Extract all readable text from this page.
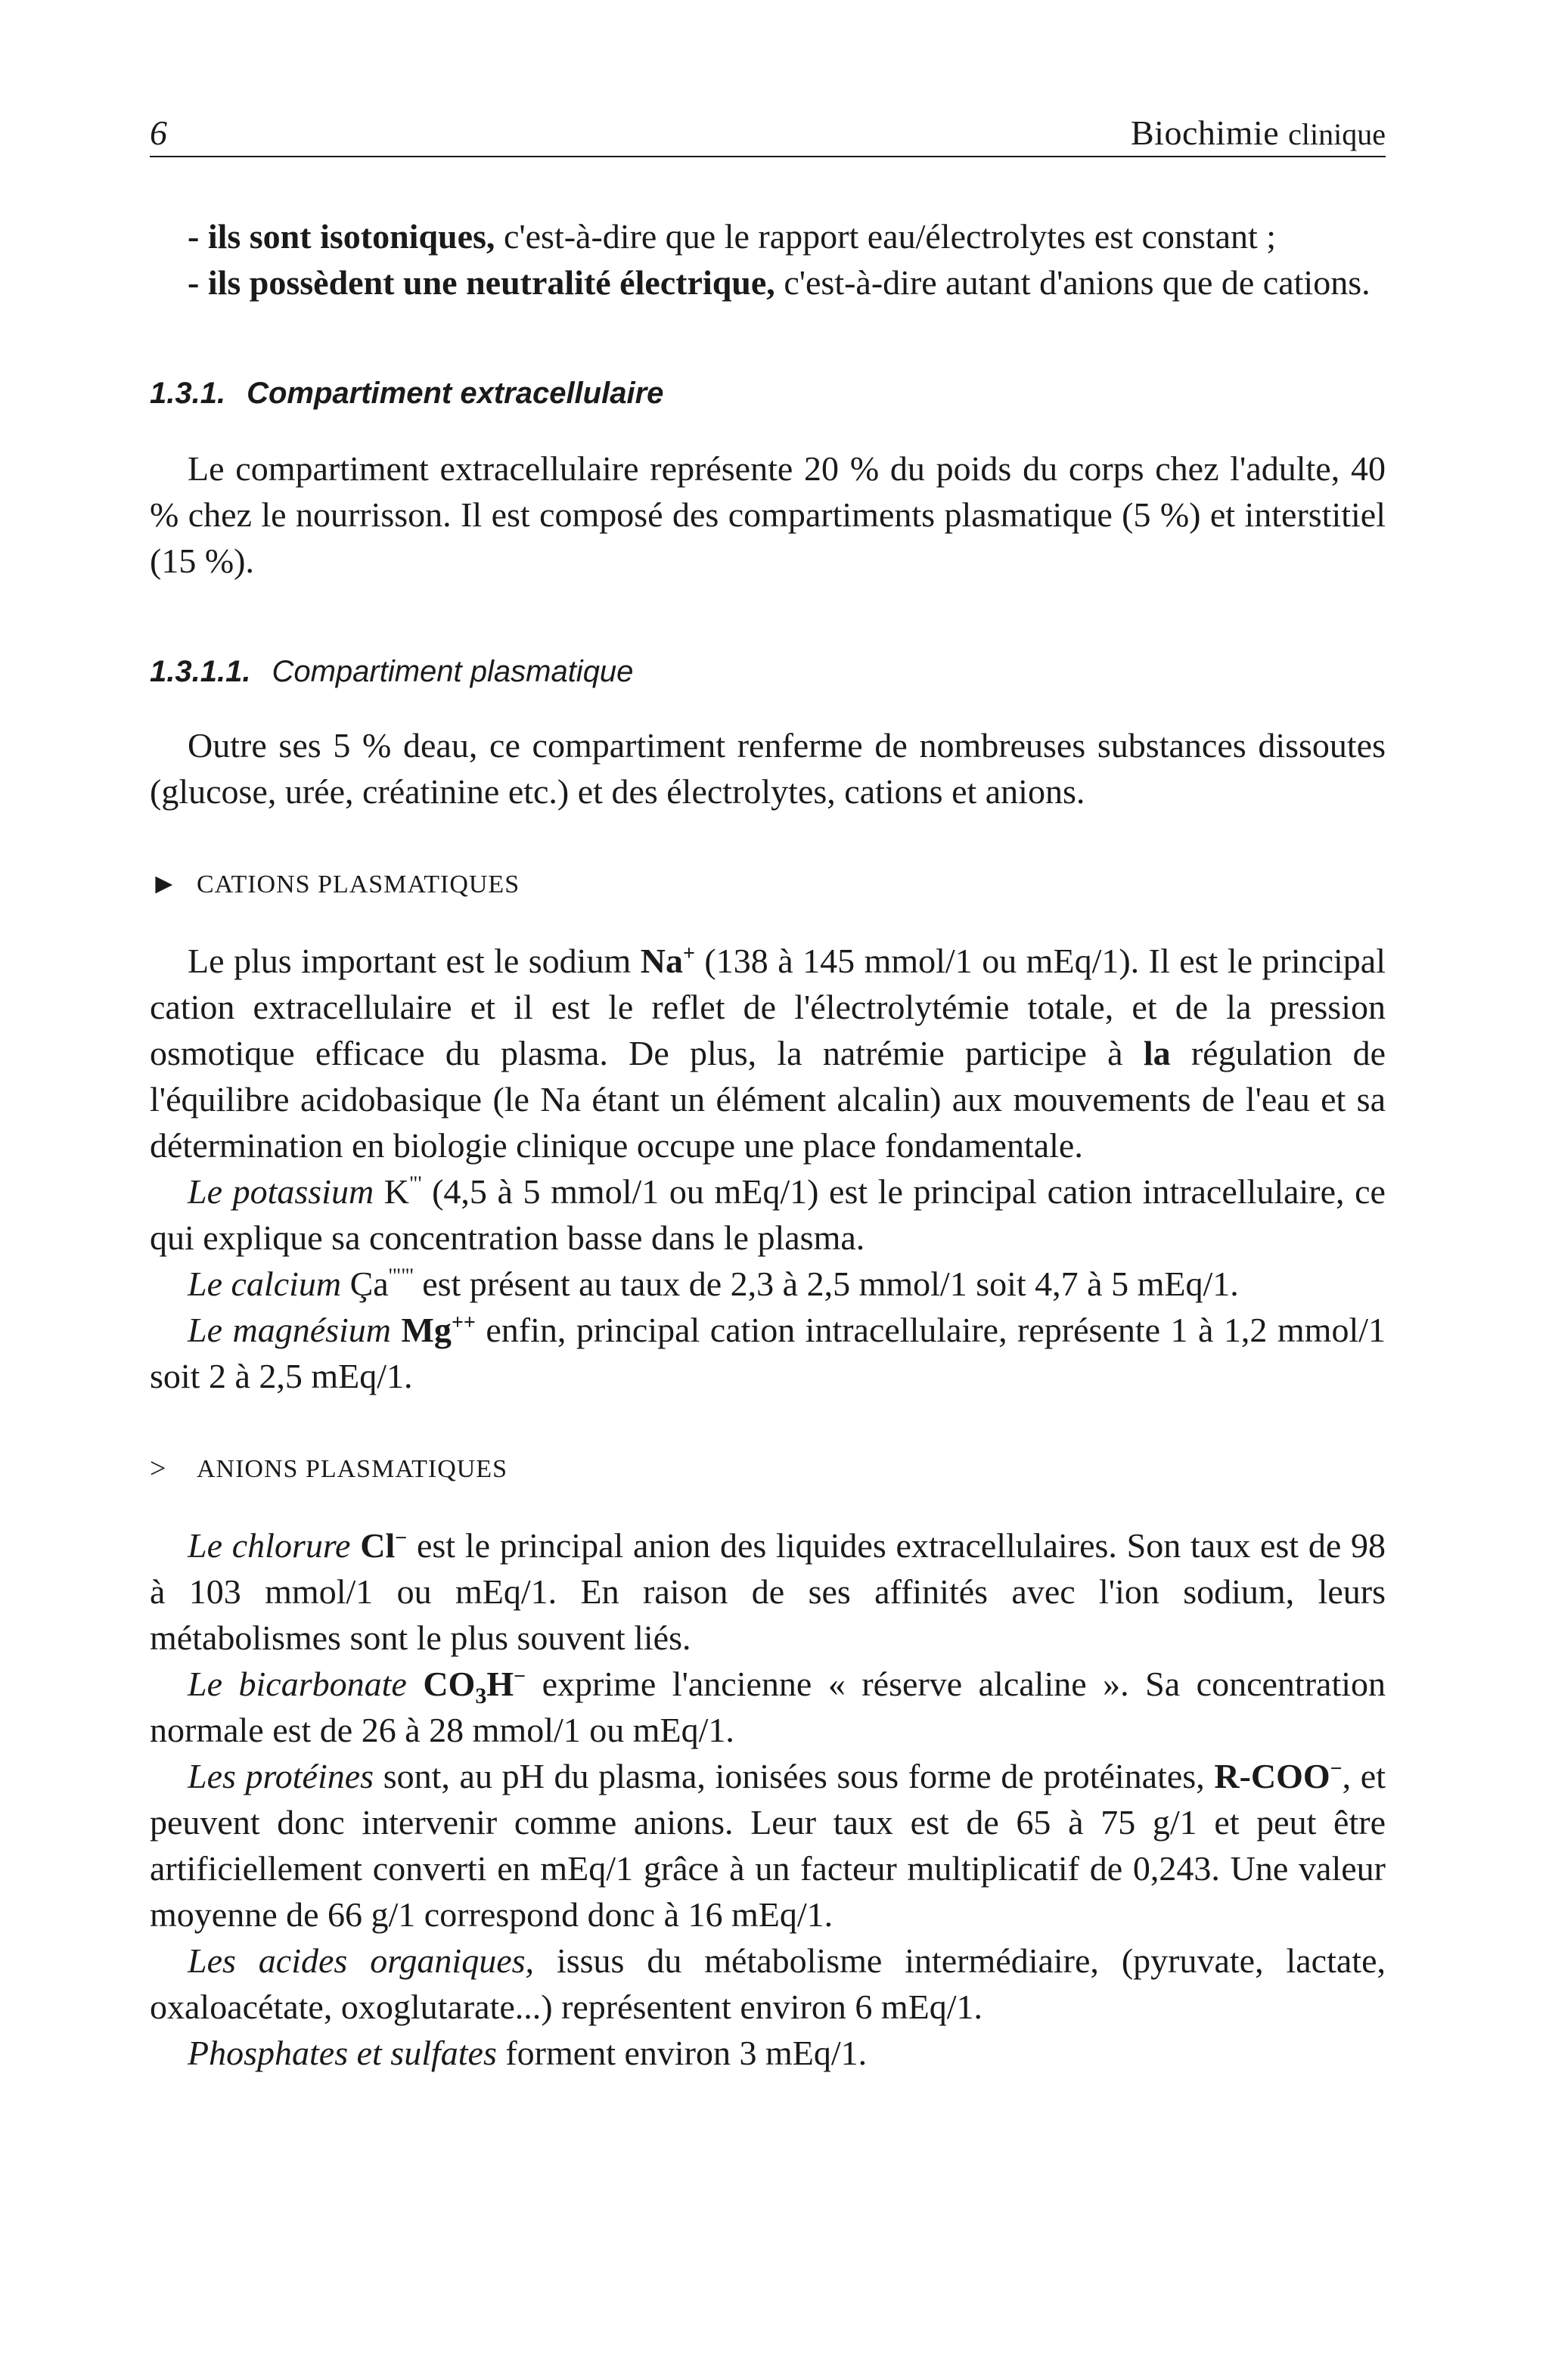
6	Biochimie clinique

- ils sont isotoniques, c'est-à-dire que le rapport eau/électrolytes est constant ;

- ils possèdent une neutralité électrique, c'est-à-dire autant d'anions que de cations.

1.3.1. Compartiment extracellulaire

Le compartiment extracellulaire représente 20 % du poids du corps chez l'adulte, 40 % chez le nourrisson. Il est composé des compartiments plasmatique (5 %) et interstitiel (15 %).

1.3.1.1. Compartiment plasmatique

Outre ses 5 % deau, ce compartiment renferme de nombreuses substances dissoutes (glucose, urée, créatinine etc.) et des électrolytes, cations et anions.

► CATIONS PLASMATIQUES

Le plus important est le sodium Na+ (138 à 145 mmol/1 ou mEq/1). Il est le principal cation extracellulaire et il est le reflet de l'électrolytémie totale, et de la pression osmotique efficace du plasma. De plus, la natrémie participe à la régulation de l'équilibre acidobasique (le Na étant un élément alcalin) aux mouvements de l'eau et sa détermination en biologie clinique occupe une place fondamentale.

Le potassium K"' (4,5 à 5 mmol/1 ou mEq/1) est le principal cation intracellulaire, ce qui explique sa concentration basse dans le plasma.

Le calcium Ça'""' est présent au taux de 2,3 à 2,5 mmol/1 soit 4,7 à 5 mEq/1.

Le magnésium Mg++ enfin, principal cation intracellulaire, représente 1 à 1,2 mmol/1 soit 2 à 2,5 mEq/1.

>	ANIONS PLASMATIQUES

Le chlorure Cl− est le principal anion des liquides extracellulaires. Son taux est de 98 à 103 mmol/1 ou mEq/1. En raison de ses affinités avec l'ion sodium, leurs métabolismes sont le plus souvent liés.

Le bicarbonate $CO_3H^-$ exprime l'ancienne « réserve alcaline ». Sa concentration normale est de 26 à 28 mmol/1 ou mEq/1.

Les protéines sont, au pH du plasma, ionisées sous forme de protéinates, R-COO−, et peuvent donc intervenir comme anions. Leur taux est de 65 à 75 g/1 et peut être artificiellement converti en mEq/1 grâce à un facteur multiplicatif de 0,243. Une valeur moyenne de 66 g/1 correspond donc à 16 mEq/1.

Les acides organiques, issus du métabolisme intermédiaire, (pyruvate, lactate, oxaloacétate, oxoglutarate...) représentent environ 6 mEq/1.

Phosphates et sulfates forment environ 3 mEq/1.
